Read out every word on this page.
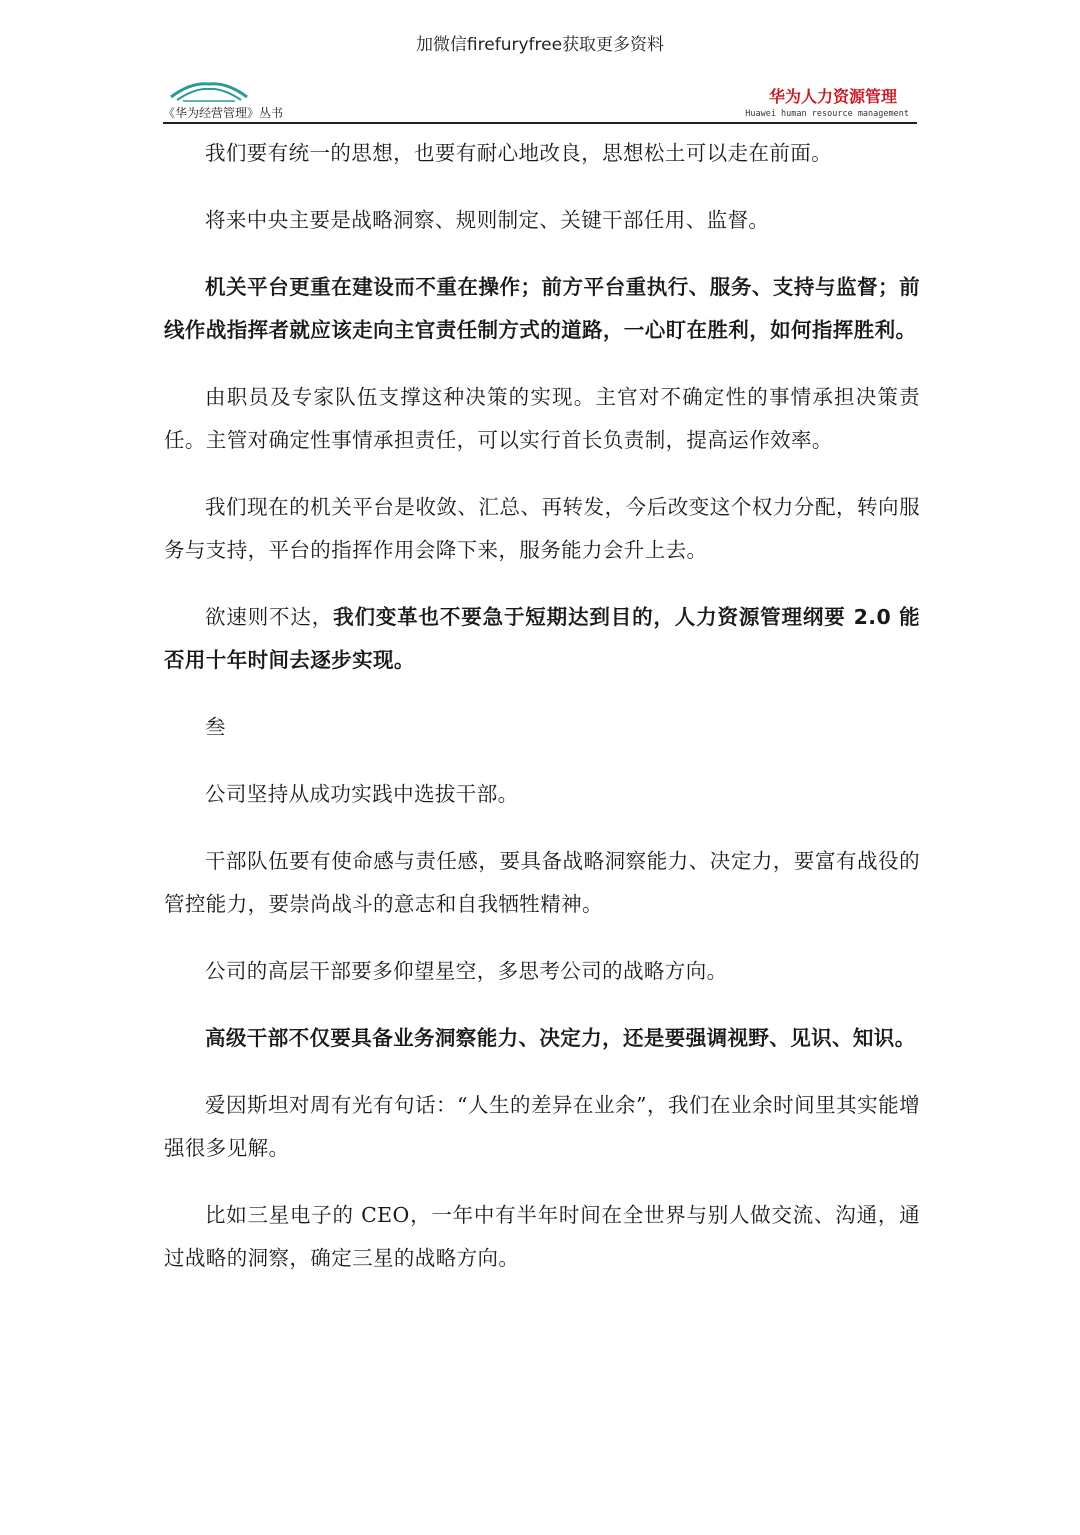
加微信firefuryfree获取更多资料
《华为经营管理》丛书
华为人力资源管理
Huawei human resource management

我们要有统一的思想，也要有耐心地改良，思想松土可以走在前面。

将来中央主要是战略洞察、规则制定、关键干部任用、监督。

机关平台更重在建设而不重在操作；前方平台重执行、服务、支持与监督；前线作战指挥者就应该走向主官责任制方式的道路，一心盯在胜利，如何指挥胜利。

由职员及专家队伍支撑这种决策的实现。主官对不确定性的事情承担决策责任。主管对确定性事情承担责任，可以实行首长负责制，提高运作效率。

我们现在的机关平台是收敛、汇总、再转发，今后改变这个权力分配，转向服务与支持，平台的指挥作用会降下来，服务能力会升上去。

欲速则不达，我们变革也不要急于短期达到目的，人力资源管理纲要 2.0 能否用十年时间去逐步实现。

叁

公司坚持从成功实践中选拔干部。

干部队伍要有使命感与责任感，要具备战略洞察能力、决定力，要富有战役的管控能力，要崇尚战斗的意志和自我牺牲精神。

公司的高层干部要多仰望星空，多思考公司的战略方向。

高级干部不仅要具备业务洞察能力、决定力，还是要强调视野、见识、知识。

爱因斯坦对周有光有句话：“人生的差异在业余”，我们在业余时间里其实能增强很多见解。

比如三星电子的 CEO，一年中有半年时间在全世界与别人做交流、沟通，通过战略的洞察，确定三星的战略方向。
